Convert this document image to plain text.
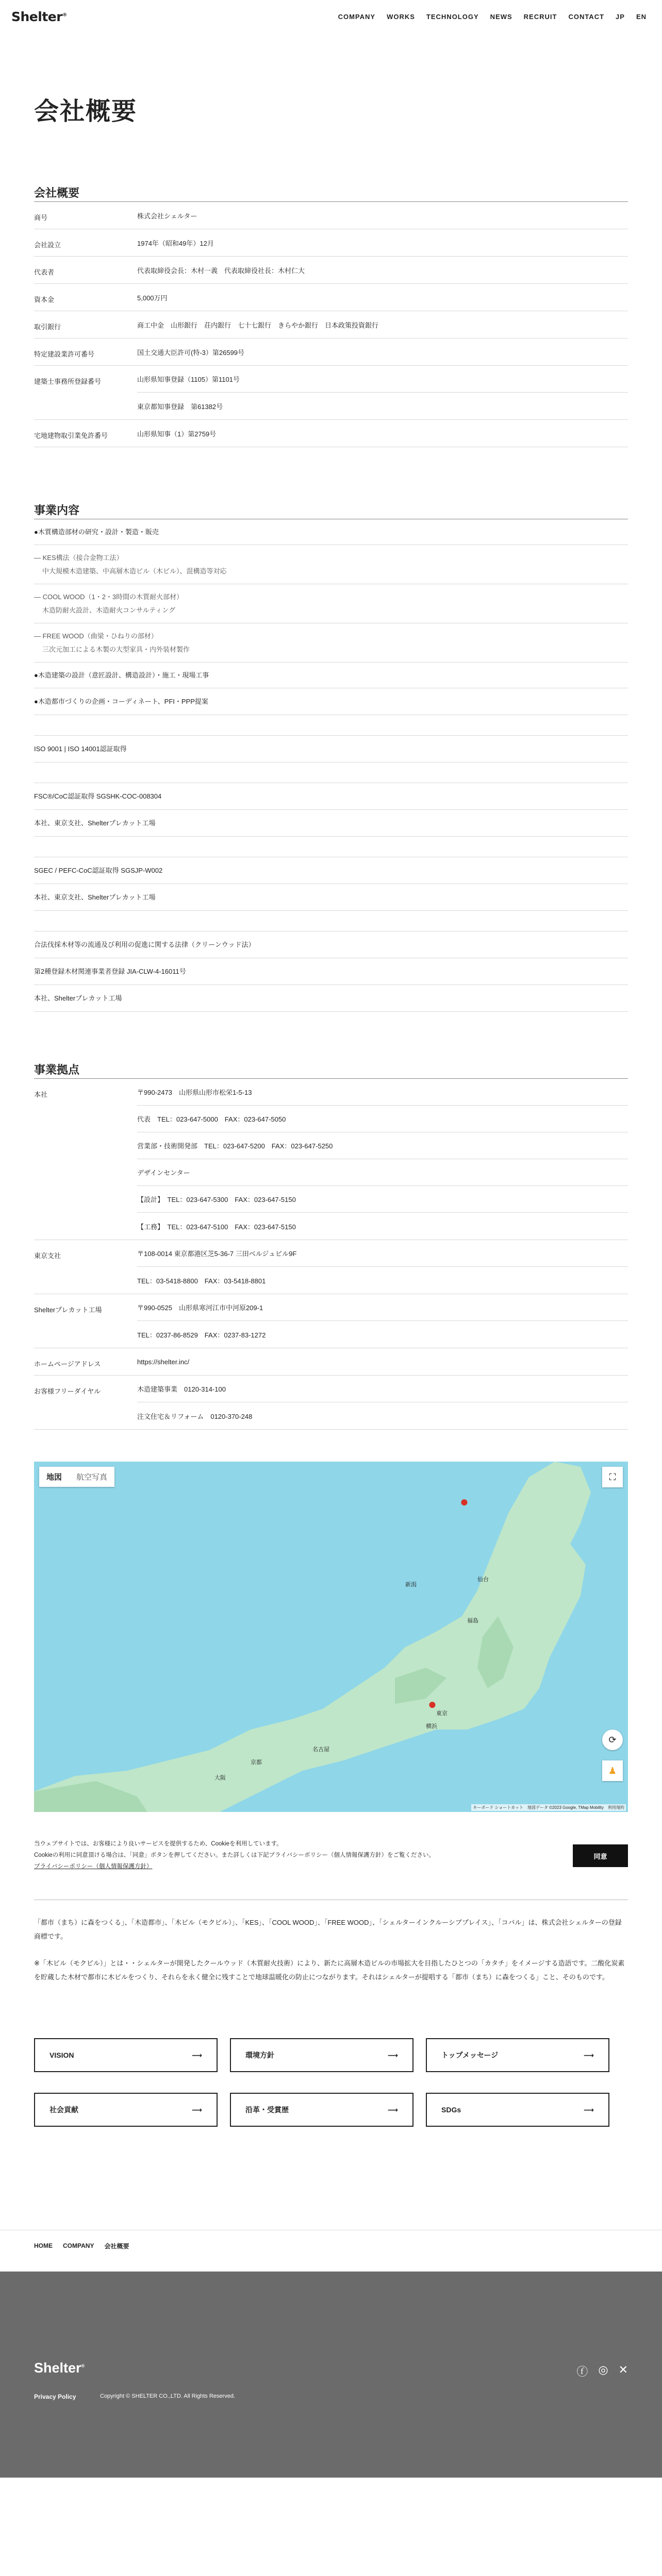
Shelter®	COMPANY WORKS TECHNOLOGY NEWS RECRUIT CONTACT JP EN
会社概要
会社概要
商号	株式会社シェルター
会社設立	1974年（昭和49年）12月
代表者	代表取締役会長：木村一義　代表取締役社長：木村仁大
資本金	5,000万円
取引銀行	商工中金　山形銀行　荘内銀行　七十七銀行　きらやか銀行　日本政策投資銀行
特定建設業許可番号	国土交通大臣許可(特-3）第26599号
建築士事務所登録番号	山形県知事登録（1105）第1101号
東京都知事登録　第61382号
宅地建物取引業免許番号	山形県知事（1）第2759号
事業内容
●木質構造部材の研究・設計・製造・販売
― KES構法（接合金物工法）
中大規模木造建築、中高層木造ビル（木ビル）、混構造等対応
― COOL WOOD（1・2・3時間の木質耐火部材）
木造防耐火設計、木造耐火コンサルティング
― FREE WOOD（曲梁・ひねりの部材）
三次元加工による木製の大型家具・内外装材製作
●木造建築の設計（意匠設計、構造設計）・施工・現場工事
●木造都市づくりの企画・コーディネート、PFI・PPP提案
ISO 9001 | ISO 14001認証取得
FSC®/CoC認証取得 SGSHK-COC-008304
本社、東京支社、Shelterプレカット工場
SGEC / PEFC-CoC認証取得 SGSJP-W002
本社、東京支社、Shelterプレカット工場
合法伐採木材等の流通及び利用の促進に関する法律（クリーンウッド法）
第2種登録木材関連事業者登録 JIA-CLW-4-16011号
本社、Shelterプレカット工場
事業拠点
本社	〒990-2473　山形県山形市松栄1-5-13
代表　TEL：023-647-5000　FAX：023-647-5050
営業部・技術開発部　TEL：023-647-5200　FAX：023-647-5250
デザインセンター
【設計】　TEL：023-647-5300　FAX：023-647-5150
【工務】　TEL：023-647-5100　FAX：023-647-5150
東京支社	〒108-0014 東京都港区芝5-36-7 三田ベルジュビル9F
TEL：03-5418-8800　FAX：03-5418-8801
Shelterプレカット工場	〒990-0525　山形県寒河江市中河原209-1
TEL：0237-86-8529　FAX：0237-83-1272
ホームページアドレス	https://shelter.inc/
お客様フリーダイヤル	木造建築事業　0120-314-100
注文住宅＆リフォーム　0120-370-248
地図	航空写真	⛶
⟳
♟
●
●
仙台
新潟
福島
東京
横浜
名古屋
京都
大阪
キーボード ショートカット　地図データ ©2023 Google, TMap Mobility　利用規約
当ウェブサイトでは、お客様により良いサービスを提供するため、Cookieを利用しています。
Cookieの利用に同意頂ける場合は、「同意」ボタンを押してください。また詳しくは下記プライバシーポリシー（個人情報保護方針）をご覧ください。
プライバシーポリシー（個人情報保護方針）
同意

「都市（まち）に森をつくる」、「木造都市」、「木ビル（モクビル）」、「KES」、「COOL WOOD」、「FREE WOOD」、「シェルターインクルーシブプレイス」、「コバル」は、株式会社シェルターの登録商標です。

※「木ビル（モクビル）」とは・・シェルターが開発したクールウッド（木質耐火技術）により、新たに高層木造ビルの市場拡大を目指したひとつの「カタチ」をイメージする造語です。二酸化炭素を貯蔵した木材で都市に木ビルをつくり、それらを永く健全に残すことで地球温暖化の防止につながります。それはシェルターが提唱する「都市（まち）に森をつくる」こと、そのものです。

VISION	⟶	環境方針	⟶	トップメッセージ	⟶
社会貢献	⟶	沿革・受賞歴	⟶	SDGs	⟶
HOME COMPANY 会社概要
Shelter®
Privacy Policy	Copyright © SHELTER CO.,LTD. All Rights Reserved.
ⓕ ◎ ✕
